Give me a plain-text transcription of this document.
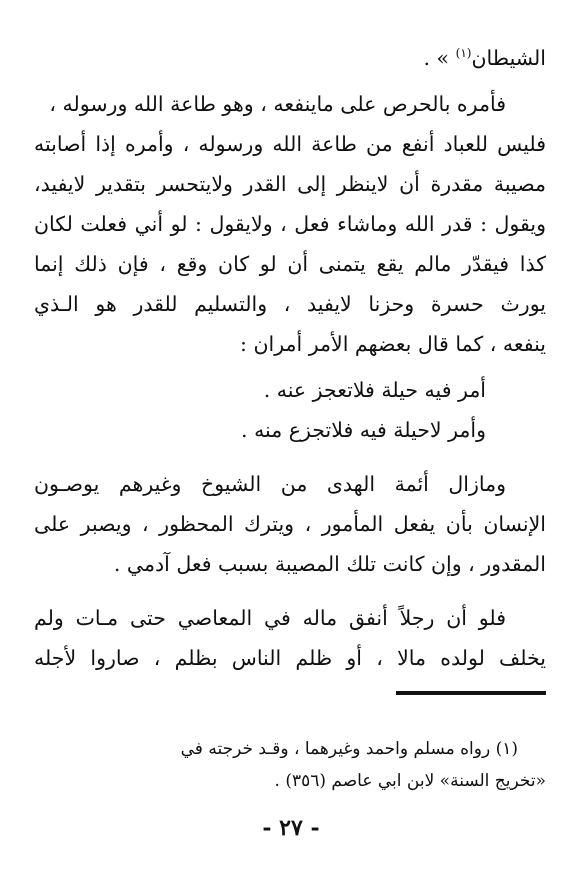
الشيطان$^{(١)}$ » .
فأمره بالحرص على ماينفعه ، وهو طاعة الله ورسوله ،
فليس للعباد أنفع من طاعة الله ورسوله ، وأمره إذا أصابته
مصيبة مقدرة أن لاينظر إلى القدر ولايتحسر بتقدير لايفيد،
ويقول : قدر الله وماشاء فعل ، ولايقول : لو أني فعلت لكان
كذا فيقدّر مالم يقع يتمنى أن لو كان وقع ، فإن ذلك إنما
يورث حسرة وحزنا لايفيد ، والتسليم للقدر هو الـذي
ينفعه ، كما قال بعضهم الأمر أمران :
أمر فيه حيلة فلاتعجز عنه .
وأمر لاحيلة فيه فلاتجزع منه .
ومازال أئمة الهدى من الشيوخ وغيرهم يوصـون
الإنسان بأن يفعل المأمور ، ويترك المحظور ، ويصبر على
المقدور ، وإن كانت تلك المصيبة بسبب فعل آدمي .
فلو أن رجلاً أنفق ماله في المعاصي حتى مـات ولم
يخلف لولده مالا ، أو ظلم الناس بظلم ، صاروا لأجله
(١) رواه مسلم واحمد وغيرهما ، وقـد خرجته في
«تخريج السنة» لابن ابي عاصم (٣٥٦) .
- ٢٧ -
